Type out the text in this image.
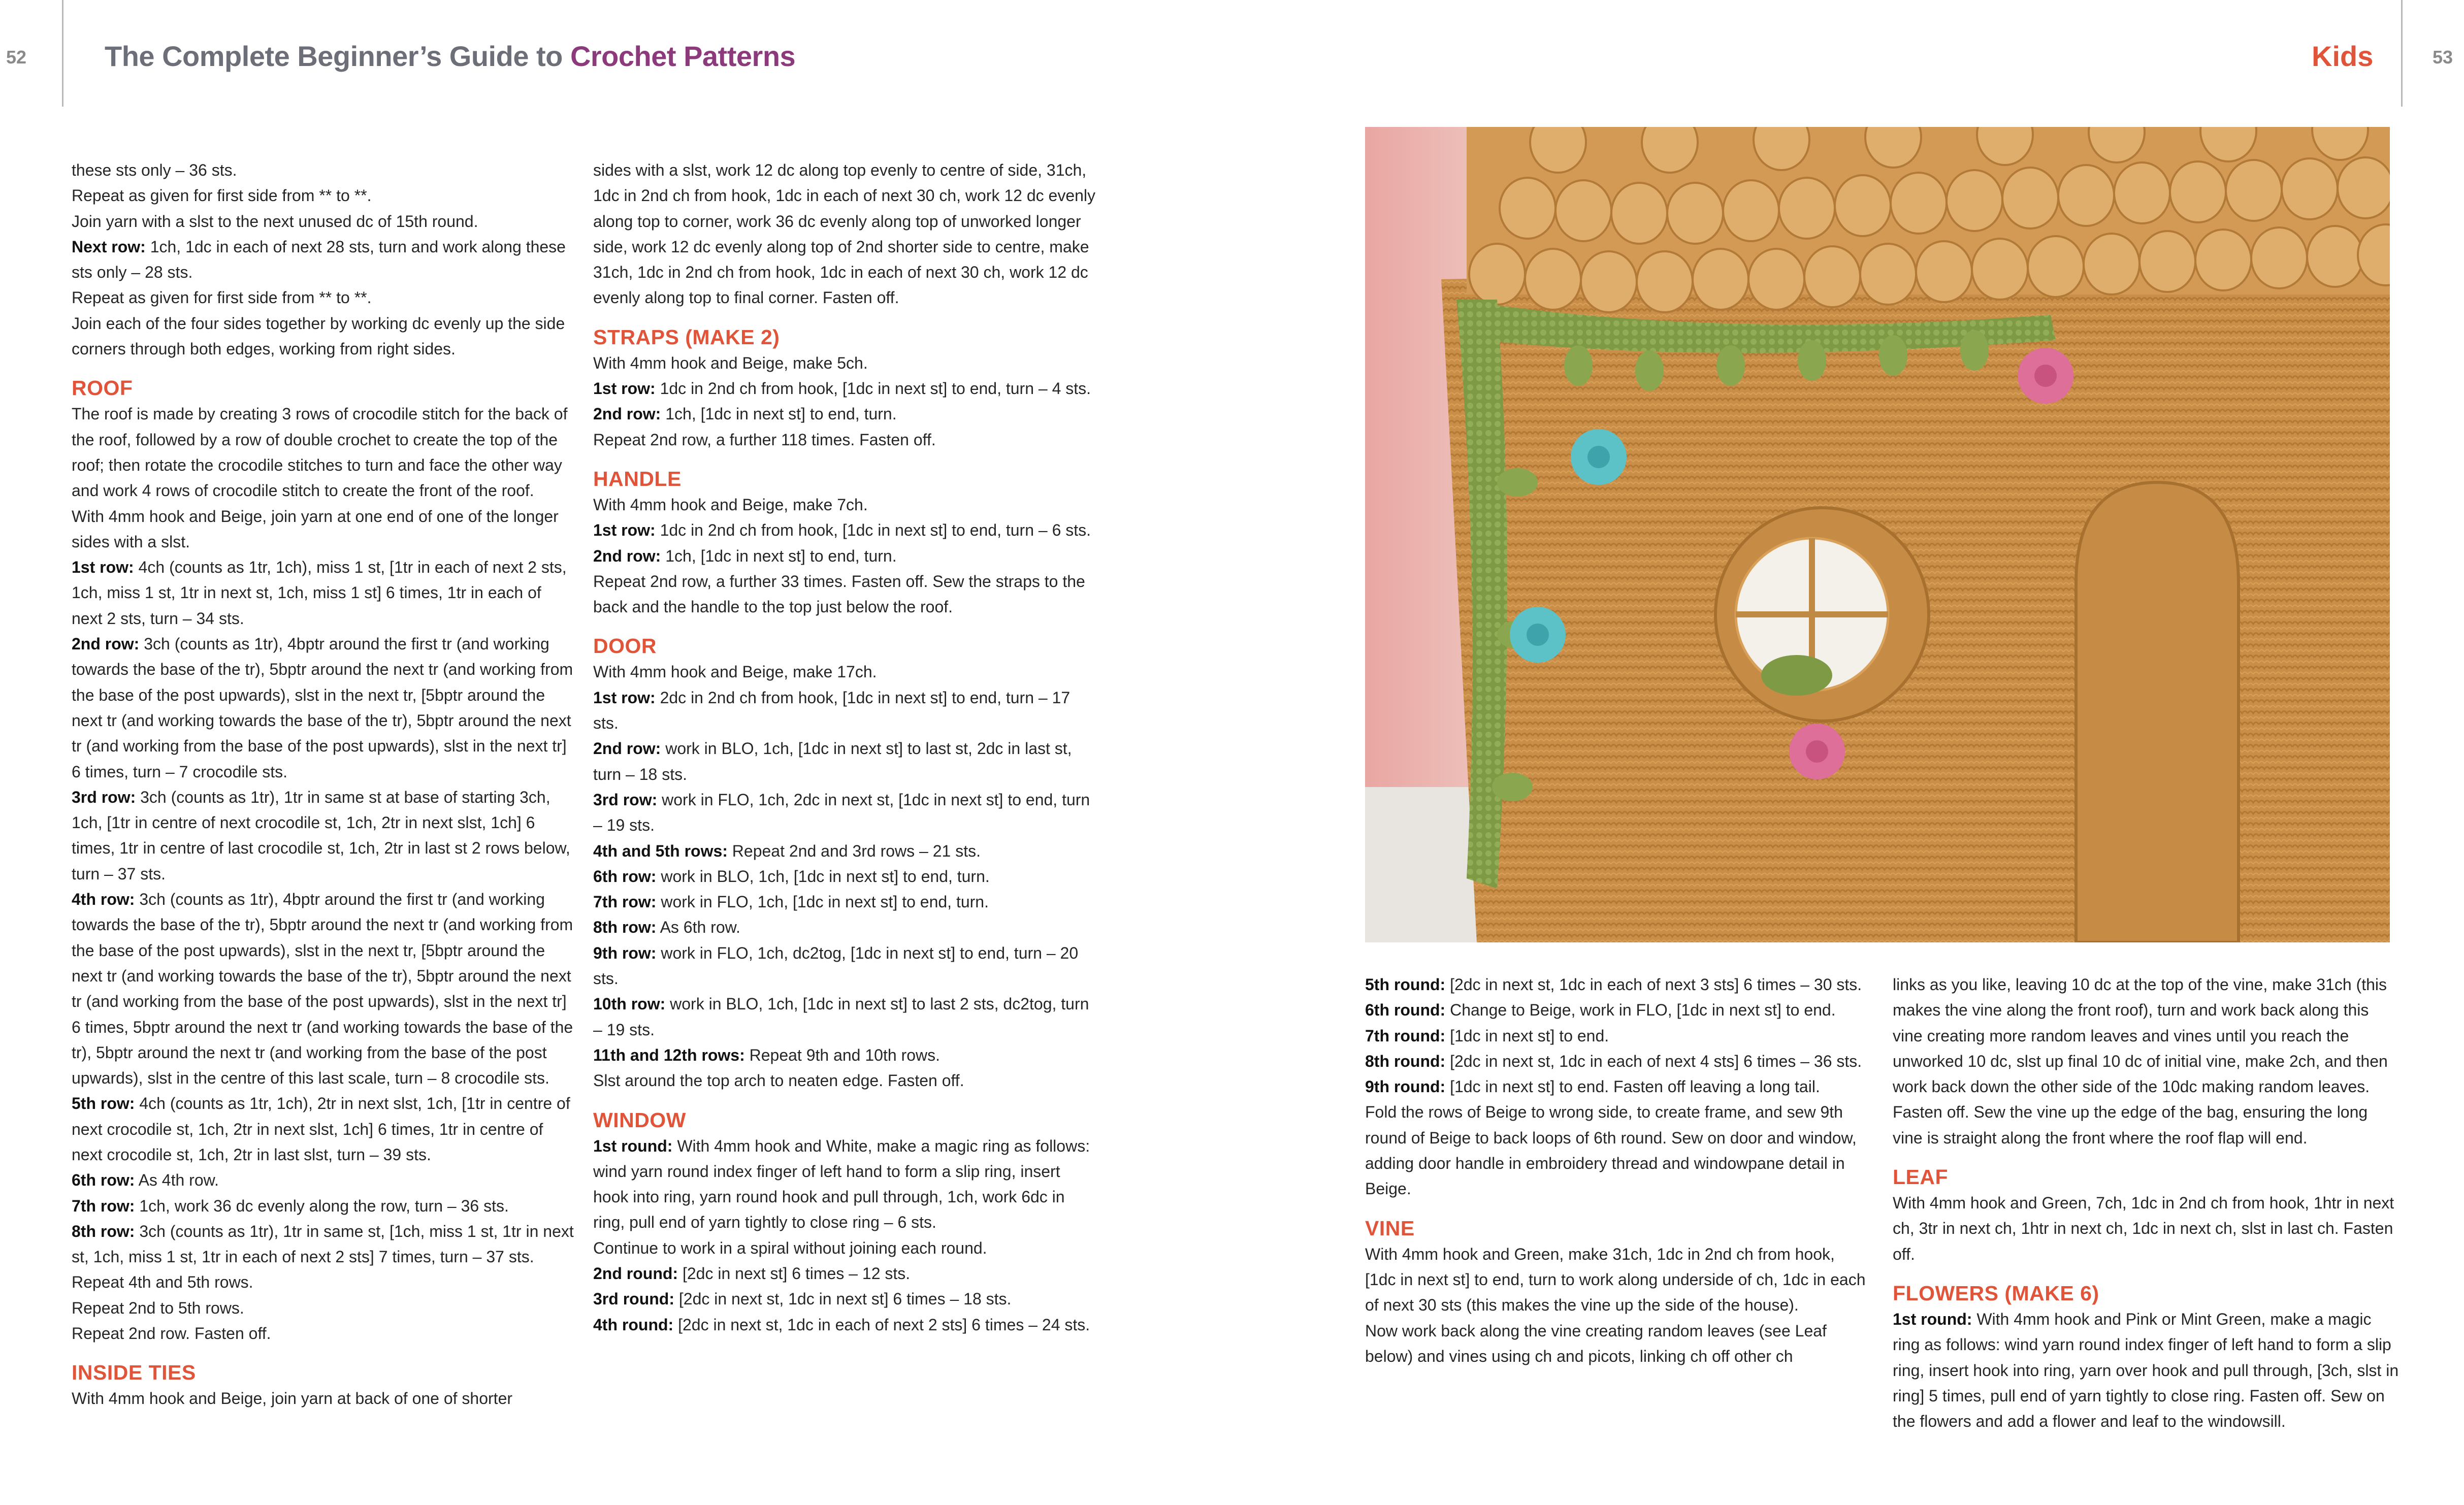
52	The Complete Beginner’s Guide to Crochet Patterns	Kids	53

these sts only – 36 sts.

Repeat as given for first side from ** to **.

Join yarn with a slst to the next unused dc of 15th round.

Next row: 1ch, 1dc in each of next 28 sts, turn and work along these sts only – 28 sts.

Repeat as given for first side from ** to **.

Join each of the four sides together by working dc evenly up the side corners through both edges, working from right sides.

ROOF

The roof is made by creating 3 rows of crocodile stitch for the back of the roof, followed by a row of double crochet to create the top of the roof; then rotate the crocodile stitches to turn and face the other way and work 4 rows of crocodile stitch to create the front of the roof.

With 4mm hook and Beige, join yarn at one end of one of the longer sides with a slst.

1st row: 4ch (counts as 1tr, 1ch), miss 1 st, [1tr in each of next 2 sts, 1ch, miss 1 st, 1tr in next st, 1ch, miss 1 st] 6 times, 1tr in each of next 2 sts, turn – 34 sts.

2nd row: 3ch (counts as 1tr), 4bptr around the first tr (and working towards the base of the tr), 5bptr around the next tr (and working from the base of the post upwards), slst in the next tr, [5bptr around the next tr (and working towards the base of the tr), 5bptr around the next tr (and working from the base of the post upwards), slst in the next tr] 6 times, turn – 7 crocodile sts.

3rd row: 3ch (counts as 1tr), 1tr in same st at base of starting 3ch, 1ch, [1tr in centre of next crocodile st, 1ch, 2tr in next slst, 1ch] 6 times, 1tr in centre of last crocodile st, 1ch, 2tr in last st 2 rows below, turn – 37 sts.

4th row: 3ch (counts as 1tr), 4bptr around the first tr (and working towards the base of the tr), 5bptr around the next tr (and working from the base of the post upwards), slst in the next tr, [5bptr around the next tr (and working towards the base of the tr), 5bptr around the next tr (and working from the base of the post upwards), slst in the next tr] 6 times, 5bptr around the next tr (and working towards the base of the tr), 5bptr around the next tr (and working from the base of the post upwards), slst in the centre of this last scale, turn – 8 crocodile sts.

5th row: 4ch (counts as 1tr, 1ch), 2tr in next slst, 1ch, [1tr in centre of next crocodile st, 1ch, 2tr in next slst, 1ch] 6 times, 1tr in centre of next crocodile st, 1ch, 2tr in last slst, turn – 39 sts.

6th row: As 4th row.

7th row: 1ch, work 36 dc evenly along the row, turn – 36 sts.

8th row: 3ch (counts as 1tr), 1tr in same st, [1ch, miss 1 st, 1tr in next st, 1ch, miss 1 st, 1tr in each of next 2 sts] 7 times, turn – 37 sts.

Repeat 4th and 5th rows.

Repeat 2nd to 5th rows.

Repeat 2nd row. Fasten off.

INSIDE TIES

With 4mm hook and Beige, join yarn at back of one of shorter

sides with a slst, work 12 dc along top evenly to centre of side, 31ch, 1dc in 2nd ch from hook, 1dc in each of next 30 ch, work 12 dc evenly along top to corner, work 36 dc evenly along top of unworked longer side, work 12 dc evenly along top of 2nd shorter side to centre, make 31ch, 1dc in 2nd ch from hook, 1dc in each of next 30 ch, work 12 dc evenly along top to final corner. Fasten off.

STRAPS (MAKE 2)

With 4mm hook and Beige, make 5ch.

1st row: 1dc in 2nd ch from hook, [1dc in next st] to end, turn – 4 sts.

2nd row: 1ch, [1dc in next st] to end, turn.

Repeat 2nd row, a further 118 times. Fasten off.

HANDLE

With 4mm hook and Beige, make 7ch.

1st row: 1dc in 2nd ch from hook, [1dc in next st] to end, turn – 6 sts.

2nd row: 1ch, [1dc in next st] to end, turn.

Repeat 2nd row, a further 33 times. Fasten off. Sew the straps to the back and the handle to the top just below the roof.

DOOR

With 4mm hook and Beige, make 17ch.

1st row: 2dc in 2nd ch from hook, [1dc in next st] to end, turn – 17 sts.

2nd row: work in BLO, 1ch, [1dc in next st] to last st, 2dc in last st, turn – 18 sts.

3rd row: work in FLO, 1ch, 2dc in next st, [1dc in next st] to end, turn – 19 sts.

4th and 5th rows: Repeat 2nd and 3rd rows – 21 sts.

6th row: work in BLO, 1ch, [1dc in next st] to end, turn.

7th row: work in FLO, 1ch, [1dc in next st] to end, turn.

8th row: As 6th row.

9th row: work in FLO, 1ch, dc2tog, [1dc in next st] to end, turn – 20 sts.

10th row: work in BLO, 1ch, [1dc in next st] to last 2 sts, dc2tog, turn – 19 sts.

11th and 12th rows: Repeat 9th and 10th rows.

Slst around the top arch to neaten edge. Fasten off.

WINDOW

1st round: With 4mm hook and White, make a magic ring as follows: wind yarn round index finger of left hand to form a slip ring, insert hook into ring, yarn round hook and pull through, 1ch, work 6dc in ring, pull end of yarn tightly to close ring – 6 sts.

Continue to work in a spiral without joining each round.

2nd round: [2dc in next st] 6 times – 12 sts.

3rd round: [2dc in next st, 1dc in next st] 6 times – 18 sts.

4th round: [2dc in next st, 1dc in each of next 2 sts] 6 times – 24 sts.

5th round: [2dc in next st, 1dc in each of next 3 sts] 6 times – 30 sts.

6th round: Change to Beige, work in FLO, [1dc in next st] to end.

7th round: [1dc in next st] to end.

8th round: [2dc in next st, 1dc in each of next 4 sts] 6 times – 36 sts.

9th round: [1dc in next st] to end. Fasten off leaving a long tail.

Fold the rows of Beige to wrong side, to create frame, and sew 9th round of Beige to back loops of 6th round. Sew on door and window, adding door handle in embroidery thread and windowpane detail in Beige.

VINE

With 4mm hook and Green, make 31ch, 1dc in 2nd ch from hook, [1dc in next st] to end, turn to work along underside of ch, 1dc in each of next 30 sts (this makes the vine up the side of the house).

Now work back along the vine creating random leaves (see Leaf below) and vines using ch and picots, linking ch off other ch

links as you like, leaving 10 dc at the top of the vine, make 31ch (this makes the vine along the front roof), turn and work back along this vine creating more random leaves and vines until you reach the unworked 10 dc, slst up final 10 dc of initial vine, make 2ch, and then work back down the other side of the 10dc making random leaves. Fasten off. Sew the vine up the edge of the bag, ensuring the long vine is straight along the front where the roof flap will end.

LEAF

With 4mm hook and Green, 7ch, 1dc in 2nd ch from hook, 1htr in next ch, 3tr in next ch, 1htr in next ch, 1dc in next ch, slst in last ch. Fasten off.

FLOWERS (MAKE 6)

1st round: With 4mm hook and Pink or Mint Green, make a magic ring as follows: wind yarn round index finger of left hand to form a slip ring, insert hook into ring, yarn over hook and pull through, [3ch, slst in ring] 5 times, pull end of yarn tightly to close ring. Fasten off. Sew on the flowers and add a flower and leaf to the windowsill.
